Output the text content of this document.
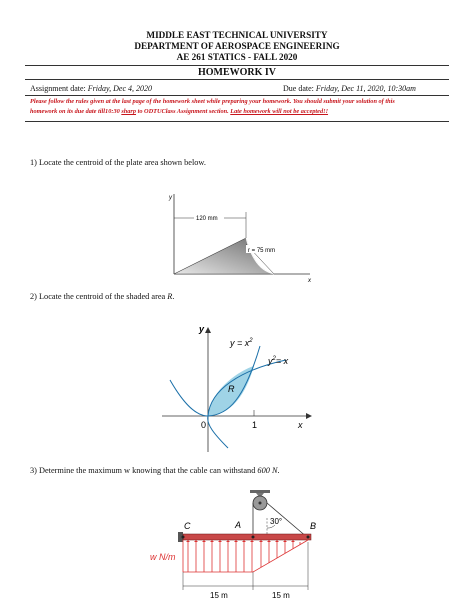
MIDDLE EAST TECHNICAL UNIVERSITY
DEPARTMENT OF AEROSPACE ENGINEERING
AE 261 STATICS - FALL 2020
HOMEWORK IV
Assignment date: Friday, Dec 4, 2020	Due date: Friday, Dec 11, 2020, 10:30am
Please follow the rules given at the last page of the homework sheet while preparing your homework. You should submit your solution of this
homework on its due date till10:30 sharp to ODTUClass Assignment section. Late homework will not be accepted!!
1) Locate the centroid of the plate area shown below.
y
x
120 mm
r = 75 mm
2) Locate the centroid of the shaded area R.
y
x
$y = x^2$
$y^2= x$
R
0	1
3) Determine the maximum w knowing that the cable can withstand 600 N.
C	A	B
30°
w N/m
15 m	15 m
